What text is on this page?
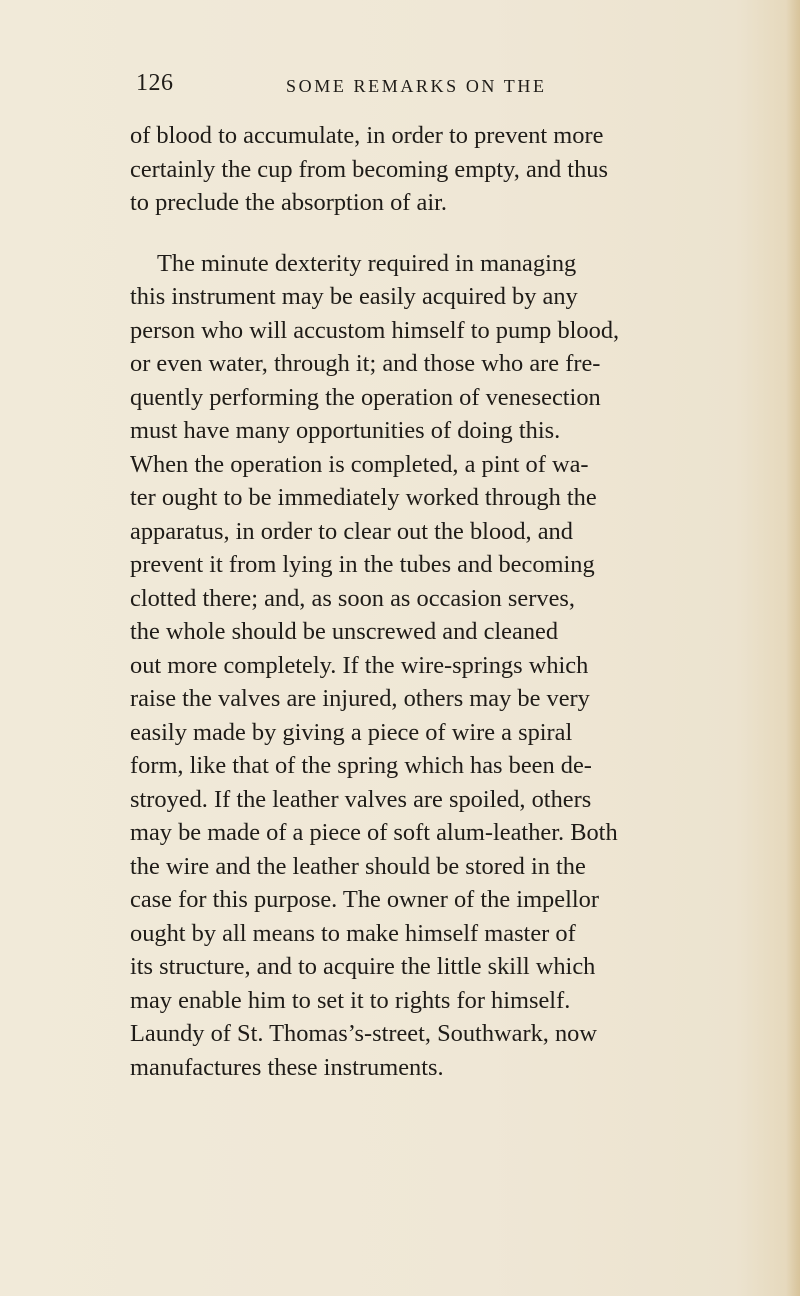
126	SOME REMARKS ON THE

of blood to accumulate, in order to prevent more
certainly the cup from becoming empty, and thus
to preclude the absorption of air.

The minute dexterity required in managing
this instrument may be easily acquired by any
person who will accustom himself to pump blood,
or even water, through it; and those who are fre-
quently performing the operation of venesection
must have many opportunities of doing this.
When the operation is completed, a pint of wa-
ter ought to be immediately worked through the
apparatus, in order to clear out the blood, and
prevent it from lying in the tubes and becoming
clotted there; and, as soon as occasion serves,
the whole should be unscrewed and cleaned
out more completely. If the wire-springs which
raise the valves are injured, others may be very
easily made by giving a piece of wire a spiral
form, like that of the spring which has been de-
stroyed. If the leather valves are spoiled, others
may be made of a piece of soft alum-leather. Both
the wire and the leather should be stored in the
case for this purpose. The owner of the impellor
ought by all means to make himself master of
its structure, and to acquire the little skill which
may enable him to set it to rights for himself.
Laundy of St. Thomas’s-street, Southwark, now
manufactures these instruments.
